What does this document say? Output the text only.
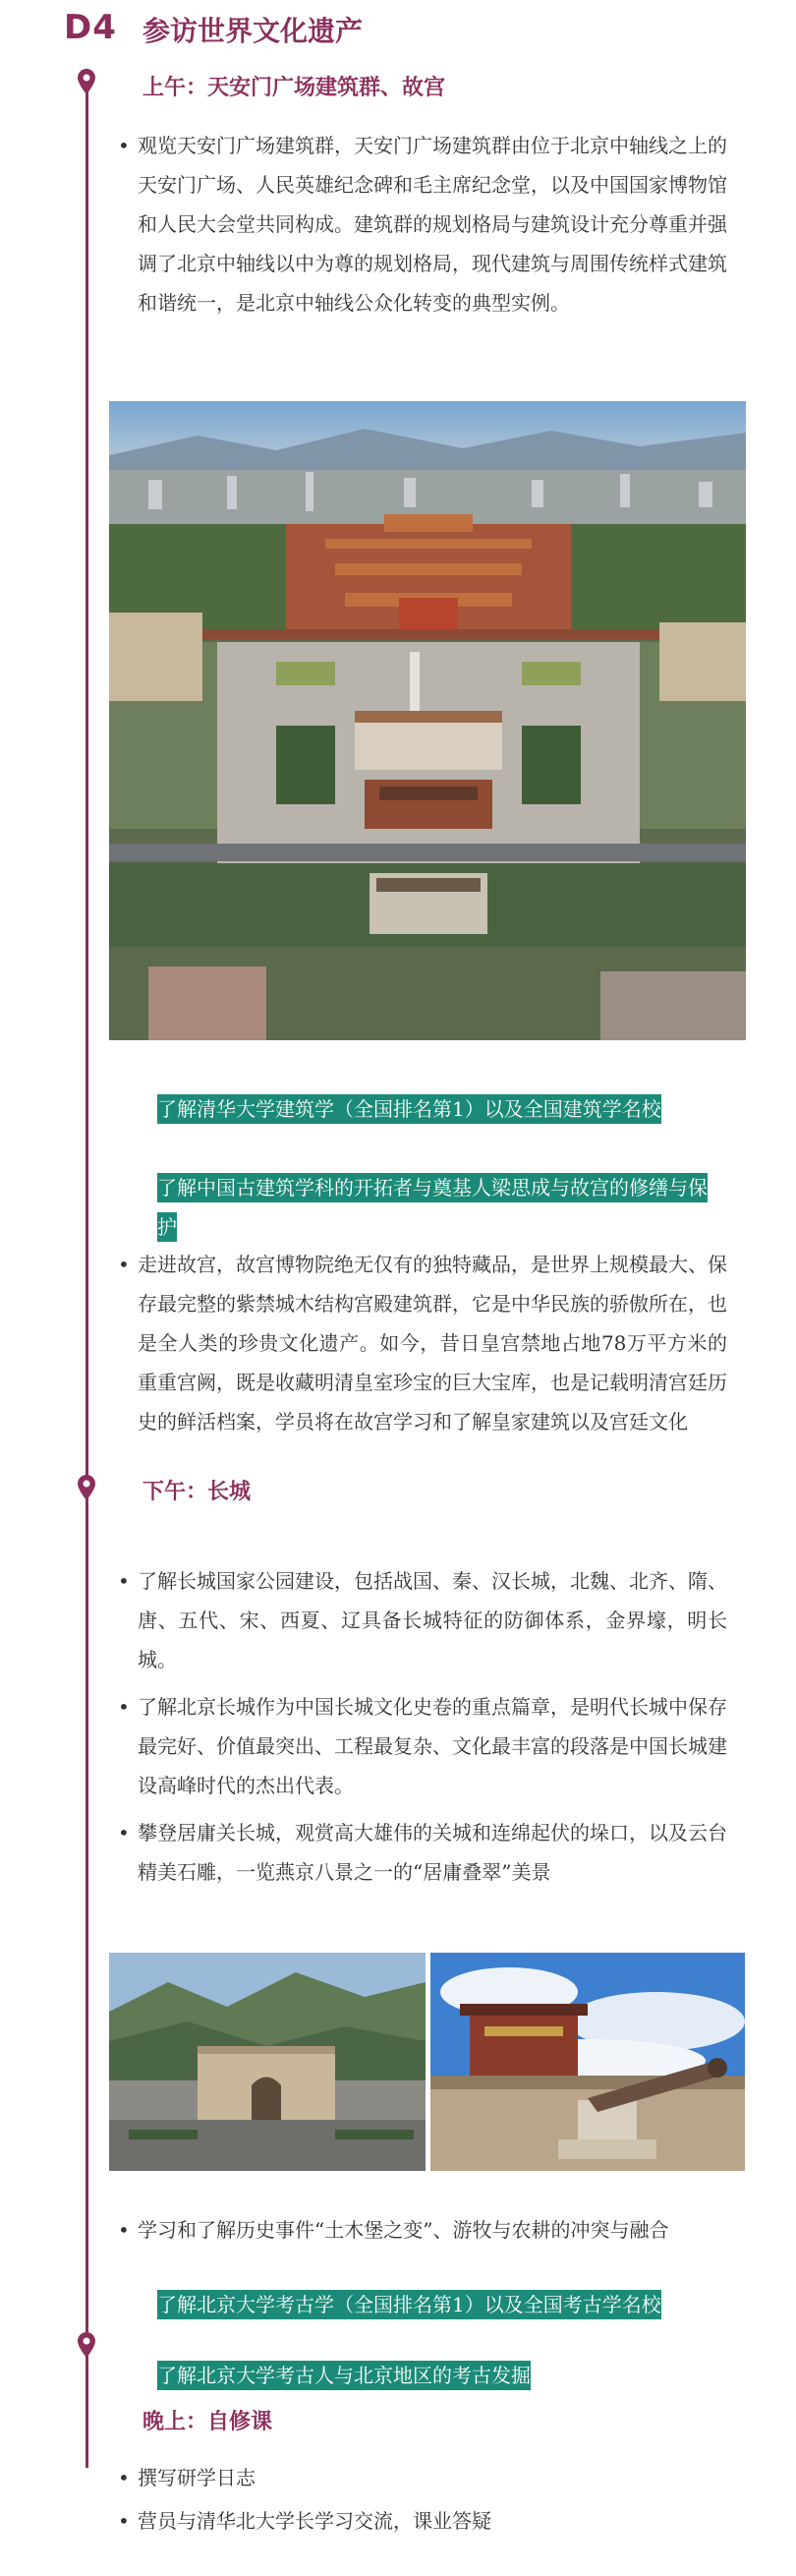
D4 参访世界文化遗产
上午：天安门广场建筑群、故宫
• 观览天安门广场建筑群，天安门广场建筑群由位于北京中轴线之上的天安门广场、人民英雄纪念碑和毛主席纪念堂，以及中国国家博物馆和人民大会堂共同构成。建筑群的规划格局与建筑设计充分尊重并强调了北京中轴线以中为尊的规划格局，现代建筑与周围传统样式建筑和谐统一，是北京中轴线公众化转变的典型实例。
了解清华大学建筑学（全国排名第1）以及全国建筑学名校
了解中国古建筑学科的开拓者与奠基人梁思成与故宫的修缮与保护
• 走进故宫，故宫博物院绝无仅有的独特藏品，是世界上规模最大、保存最完整的紫禁城木结构宫殿建筑群，它是中华民族的骄傲所在，也是全人类的珍贵文化遗产。如今，昔日皇宫禁地占地78万平方米的重重宫阙，既是收藏明清皇室珍宝的巨大宝库，也是记载明清宫廷历史的鲜活档案，学员将在故宫学习和了解皇家建筑以及宫廷文化
下午：长城
• 了解长城国家公园建设，包括战国、秦、汉长城，北魏、北齐、隋、唐、五代、宋、西夏、辽具备长城特征的防御体系，金界壕，明长城。
• 了解北京长城作为中国长城文化史卷的重点篇章，是明代长城中保存最完好、价值最突出、工程最复杂、文化最丰富的段落是中国长城建设高峰时代的杰出代表。
• 攀登居庸关长城，观赏高大雄伟的关城和连绵起伏的垛口，以及云台精美石雕，一览燕京八景之一的“居庸叠翠”美景
• 学习和了解历史事件“土木堡之变”、游牧与农耕的冲突与融合
了解北京大学考古学（全国排名第1）以及全国考古学名校
了解北京大学考古人与北京地区的考古发掘
晚上：自修课
• 撰写研学日志
• 营员与清华北大学长学习交流，课业答疑
